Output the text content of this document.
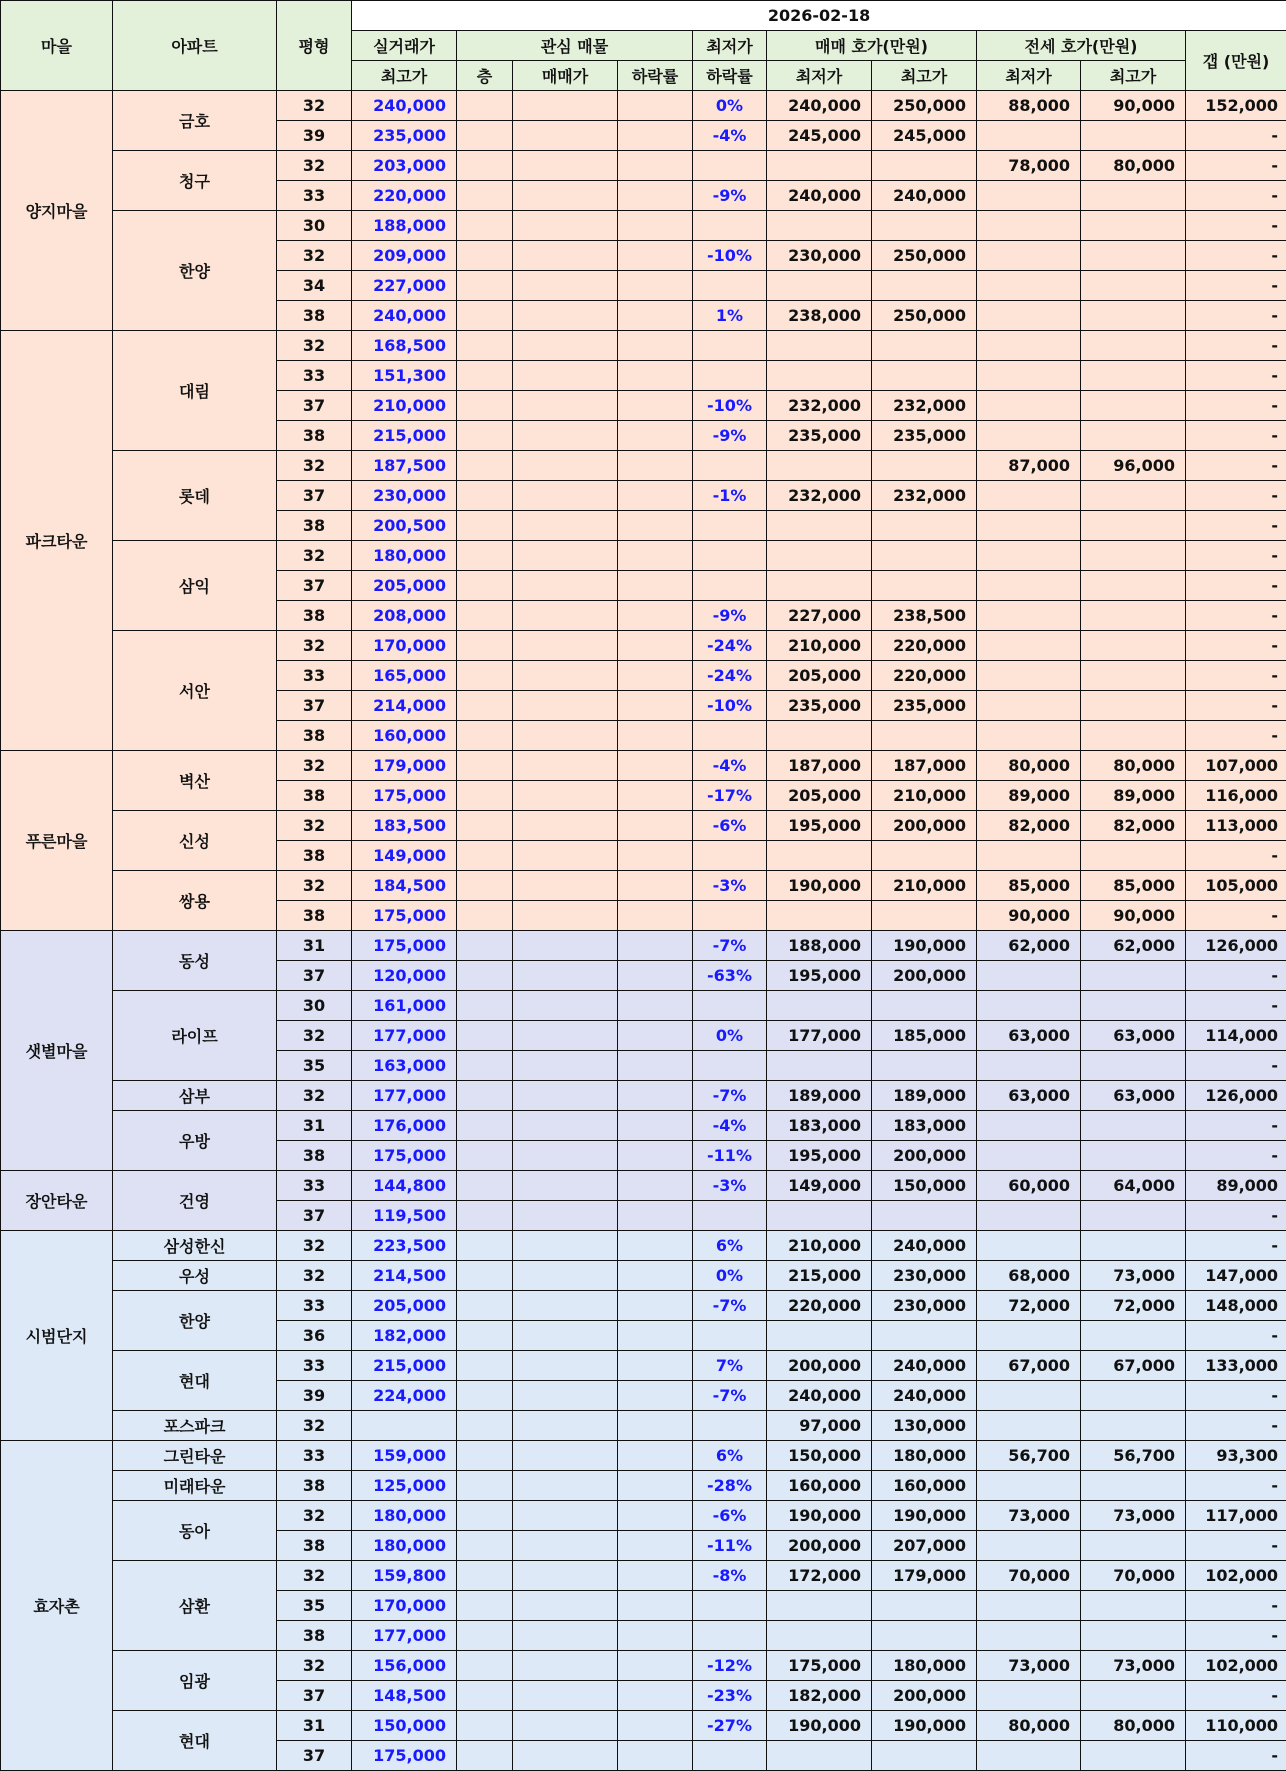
마을	아파트	평형	2026-02-18									
			실거래가	관심 매물			최저가	매매 호가(만원)		전세 호가(만원)		갭 (만원)
			최고가	층	매매가	하락률	하락률	최저가	최고가	최저가	최고가	
양지마을	금호	32	240,000				0%	240,000	250,000	88,000	90,000	152,000
		39	235,000				-4%	245,000	245,000			-
	청구	32	203,000							78,000	80,000	-
		33	220,000				-9%	240,000	240,000			-
	한양	30	188,000									-
		32	209,000				-10%	230,000	250,000			-
		34	227,000									-
		38	240,000				1%	238,000	250,000			-
파크타운	대림	32	168,500									-
		33	151,300									-
		37	210,000				-10%	232,000	232,000			-
		38	215,000				-9%	235,000	235,000			-
	롯데	32	187,500							87,000	96,000	-
		37	230,000				-1%	232,000	232,000			-
		38	200,500									-
	삼익	32	180,000									-
		37	205,000									-
		38	208,000				-9%	227,000	238,500			-
	서안	32	170,000				-24%	210,000	220,000			-
		33	165,000				-24%	205,000	220,000			-
		37	214,000				-10%	235,000	235,000			-
		38	160,000									-
푸른마을	벽산	32	179,000				-4%	187,000	187,000	80,000	80,000	107,000
		38	175,000				-17%	205,000	210,000	89,000	89,000	116,000
	신성	32	183,500				-6%	195,000	200,000	82,000	82,000	113,000
		38	149,000									-
	쌍용	32	184,500				-3%	190,000	210,000	85,000	85,000	105,000
		38	175,000							90,000	90,000	-
샛별마을	동성	31	175,000				-7%	188,000	190,000	62,000	62,000	126,000
		37	120,000				-63%	195,000	200,000			-
	라이프	30	161,000									-
		32	177,000				0%	177,000	185,000	63,000	63,000	114,000
		35	163,000									-
	삼부	32	177,000				-7%	189,000	189,000	63,000	63,000	126,000
	우방	31	176,000				-4%	183,000	183,000			-
		38	175,000				-11%	195,000	200,000			-
장안타운	건영	33	144,800				-3%	149,000	150,000	60,000	64,000	89,000
		37	119,500									-
시범단지	삼성한신	32	223,500				6%	210,000	240,000			-
	우성	32	214,500				0%	215,000	230,000	68,000	73,000	147,000
	한양	33	205,000				-7%	220,000	230,000	72,000	72,000	148,000
		36	182,000									-
	현대	33	215,000				7%	200,000	240,000	67,000	67,000	133,000
		39	224,000				-7%	240,000	240,000			-
	포스파크	32						97,000	130,000			-
효자촌	그린타운	33	159,000				6%	150,000	180,000	56,700	56,700	93,300
	미래타운	38	125,000				-28%	160,000	160,000			-
	동아	32	180,000				-6%	190,000	190,000	73,000	73,000	117,000
		38	180,000				-11%	200,000	207,000			-
	삼환	32	159,800				-8%	172,000	179,000	70,000	70,000	102,000
		35	170,000									-
		38	177,000									-
	임광	32	156,000				-12%	175,000	180,000	73,000	73,000	102,000
		37	148,500				-23%	182,000	200,000			-
	현대	31	150,000				-27%	190,000	190,000	80,000	80,000	110,000
		37	175,000									-
